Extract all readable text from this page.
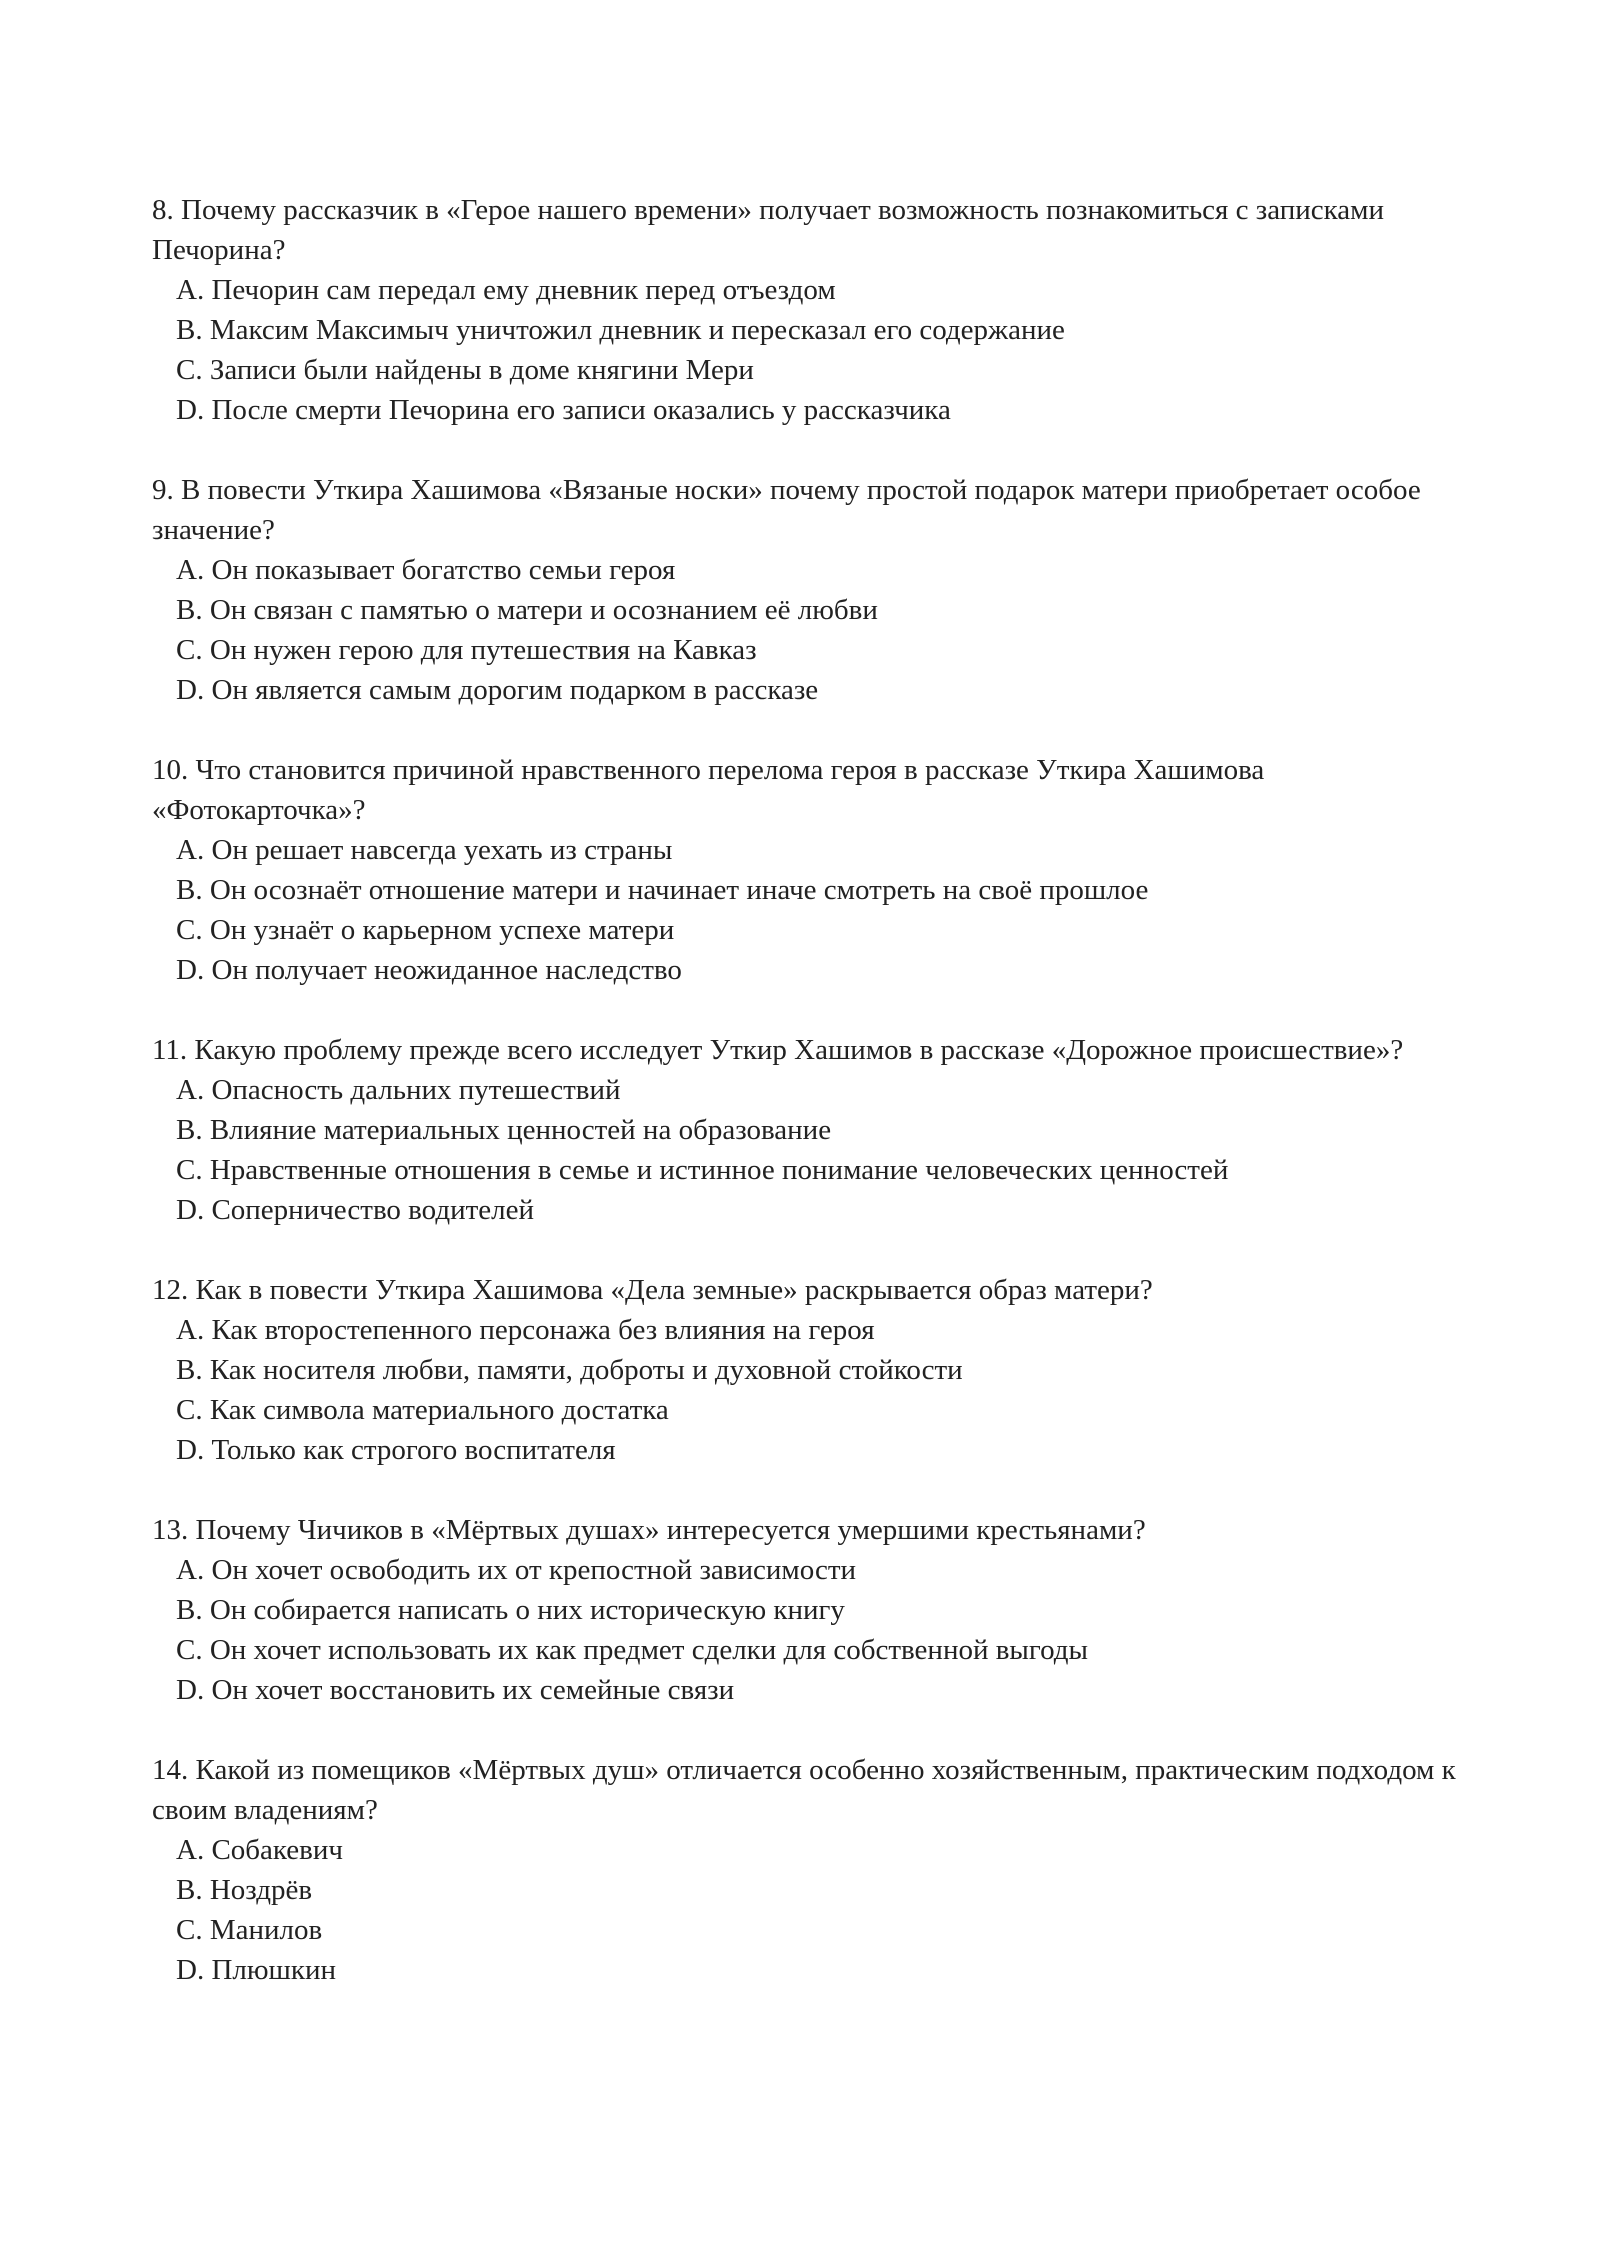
8. Почему рассказчик в «Герое нашего времени» получает возможность познакомиться с записками Печорина?

A. Печорин сам передал ему дневник перед отъездом
B. Максим Максимыч уничтожил дневник и пересказал его содержание
C. Записи были найдены в доме княгини Мери
D. После смерти Печорина его записи оказались у рассказчика

9. В повести Уткира Хашимова «Вязаные носки» почему простой подарок матери приобретает особое значение?

A. Он показывает богатство семьи героя
B. Он связан с памятью о матери и осознанием её любви
C. Он нужен герою для путешествия на Кавказ
D. Он является самым дорогим подарком в рассказе

10. Что становится причиной нравственного перелома героя в рассказе Уткира Хашимова «Фотокарточка»?

A. Он решает навсегда уехать из страны
B. Он осознаёт отношение матери и начинает иначе смотреть на своё прошлое
C. Он узнаёт о карьерном успехе матери
D. Он получает неожиданное наследство

11. Какую проблему прежде всего исследует Уткир Хашимов в рассказе «Дорожное происшествие»?

A. Опасность дальних путешествий
B. Влияние материальных ценностей на образование
C. Нравственные отношения в семье и истинное понимание человеческих ценностей
D. Соперничество водителей

12. Как в повести Уткира Хашимова «Дела земные» раскрывается образ матери?

A. Как второстепенного персонажа без влияния на героя
B. Как носителя любви, памяти, доброты и духовной стойкости
C. Как символа материального достатка
D. Только как строгого воспитателя

13. Почему Чичиков в «Мёртвых душах» интересуется умершими крестьянами?

A. Он хочет освободить их от крепостной зависимости
B. Он собирается написать о них историческую книгу
C. Он хочет использовать их как предмет сделки для собственной выгоды
D. Он хочет восстановить их семейные связи

14. Какой из помещиков «Мёртвых душ» отличается особенно хозяйственным, практическим подходом к своим владениям?

A. Собакевич
B. Ноздрёв
C. Манилов
D. Плюшкин
